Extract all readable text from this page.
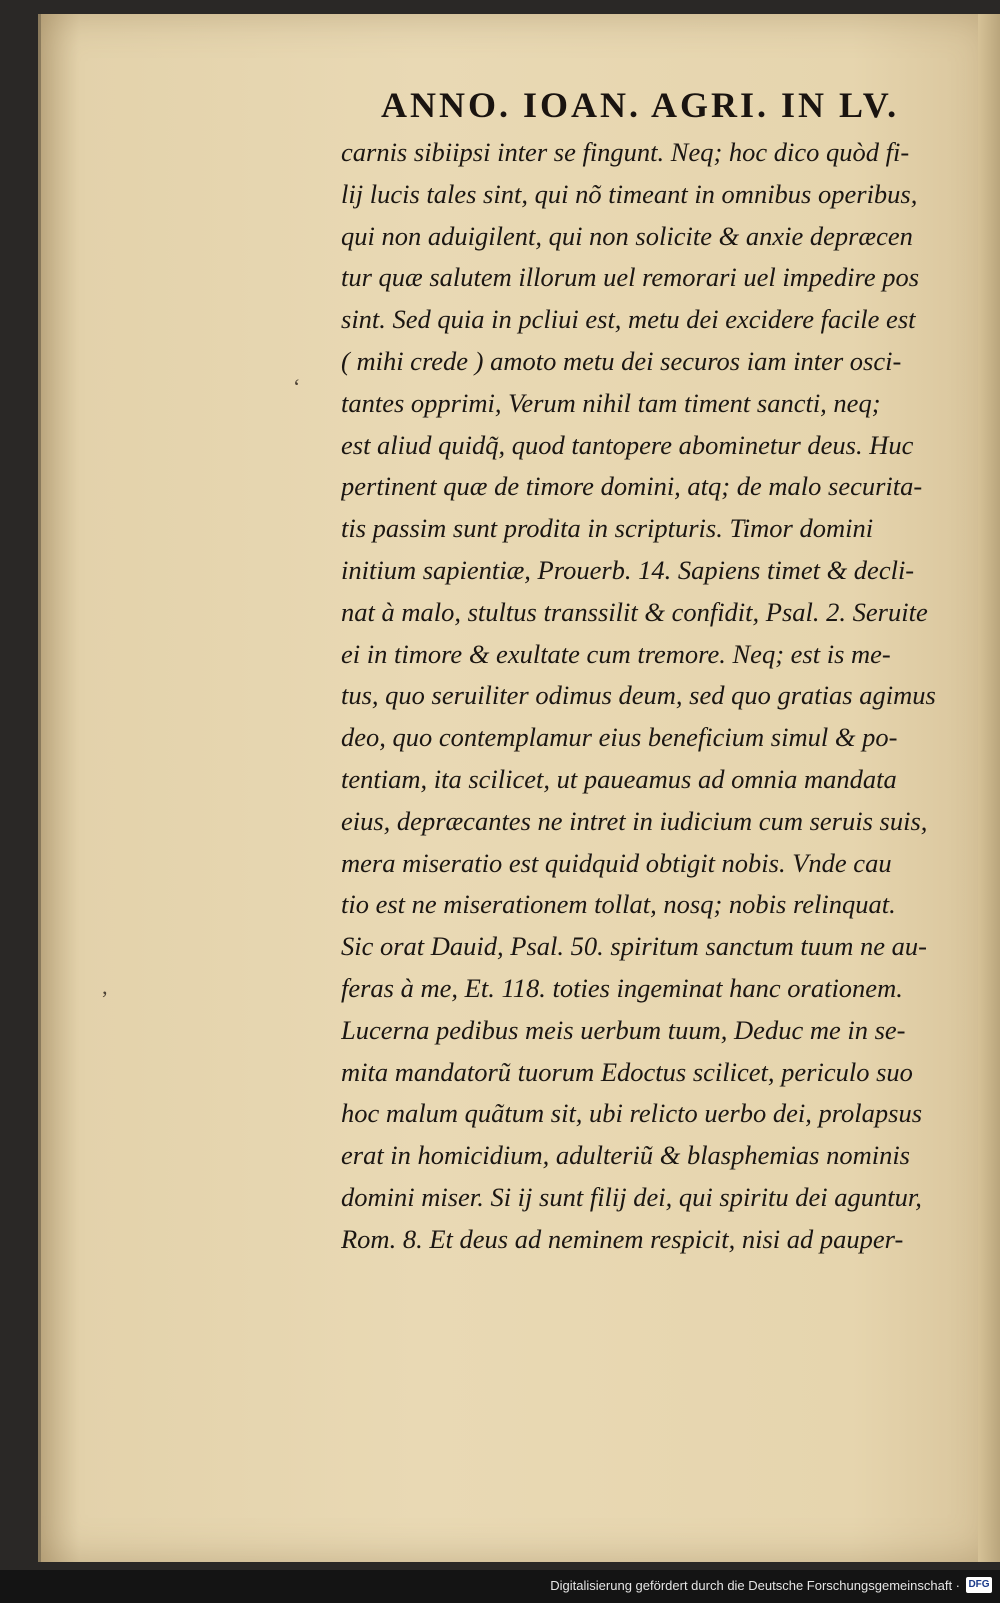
ANNO. IOAN. AGRI. IN LV.
carnis sibiipsi inter se fingunt. Neq; hoc dico quòd fi-
lij lucis tales sint, qui nõ timeant in omnibus operibus,
qui non aduigilent, qui non solicite & anxie depræcen
tur quæ salutem illorum uel remorari uel impedire pos
sint. Sed quia in pcliui est, metu dei excidere facile est
( mihi crede ) amoto metu dei securos iam inter osci-
tantes opprimi, Verum nihil tam timent sancti, neq;
est aliud quidq̃, quod tantopere abominetur deus. Huc
pertinent quæ de timore domini, atq; de malo securita-
tis passim sunt prodita in scripturis. Timor domini
initium sapientiæ, Prouerb. 14. Sapiens timet & decli-
nat à malo, stultus transsilit & confidit, Psal. 2. Seruite
ei in timore & exultate cum tremore. Neq; est is me-
tus, quo seruiliter odimus deum, sed quo gratias agimus
deo, quo contemplamur eius beneficium simul & po-
tentiam, ita scilicet, ut paueamus ad omnia mandata
eius, depræcantes ne intret in iudicium cum seruis suis,
mera miseratio est quidquid obtigit nobis. Vnde cau
tio est ne miserationem tollat, nosq; nobis relinquat.
Sic orat Dauid, Psal. 50. spiritum sanctum tuum ne au-
feras à me, Et. 118. toties ingeminat hanc orationem.
Lucerna pedibus meis uerbum tuum, Deduc me in se-
mita mandatorũ tuorum Edoctus scilicet, periculo suo
hoc malum quãtum sit, ubi relicto uerbo dei, prolapsus
erat in homicidium, adulteriũ & blasphemias nominis
domini miser. Si ij sunt filij dei, qui spiritu dei aguntur,
Rom. 8. Et deus ad neminem respicit, nisi ad pauper-
‘
‚
Digitalisierung gefördert durch die Deutsche Forschungsgemeinschaft · DFG
